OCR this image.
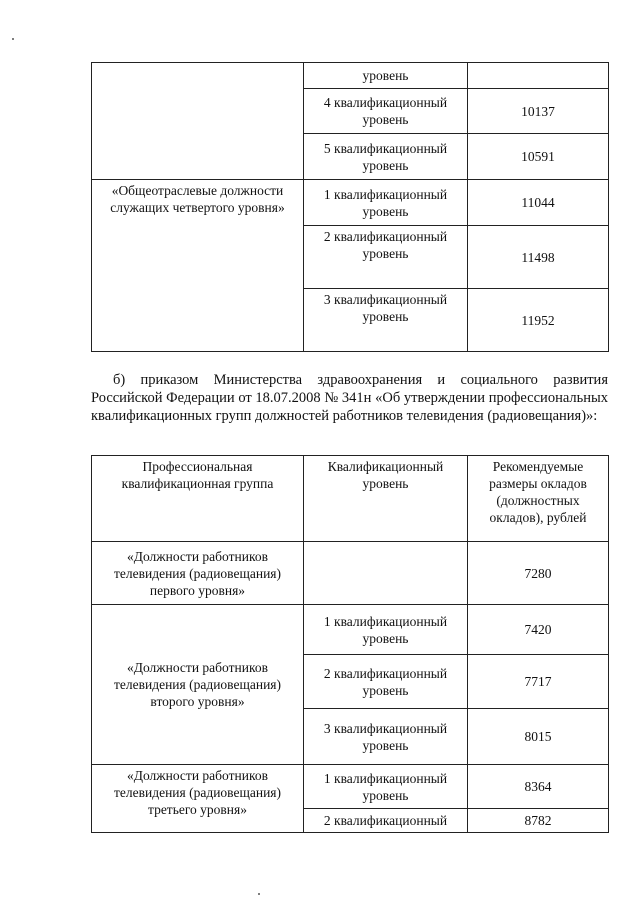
	уровень	
	4 квалификационный уровень	10137
	5 квалификационный уровень	10591
«Общеотраслевые должности служащих четвертого уровня»	1 квалификационный уровень	11044
	2 квалификационный уровень	11498
	3 квалификационный уровень	11952

б) приказом Министерства здравоохранения и социального развития Российской Федерации от 18.07.2008 № 341н «Об утверждении профессиональных квалификационных групп должностей работников телевидения (радиовещания)»:

Профессиональная квалификационная группа	Квалификационный уровень	Рекомендуемые размеры окладов (должностных окладов), рублей
«Должности работников телевидения (радиовещания) первого уровня»		7280
«Должности работников телевидения (радиовещания) второго уровня»	1 квалификационный уровень	7420
	2 квалификационный уровень	7717
	3 квалификационный уровень	8015
«Должности работников телевидения (радиовещания) третьего уровня»	1 квалификационный уровень	8364
	2 квалификационный	8782
